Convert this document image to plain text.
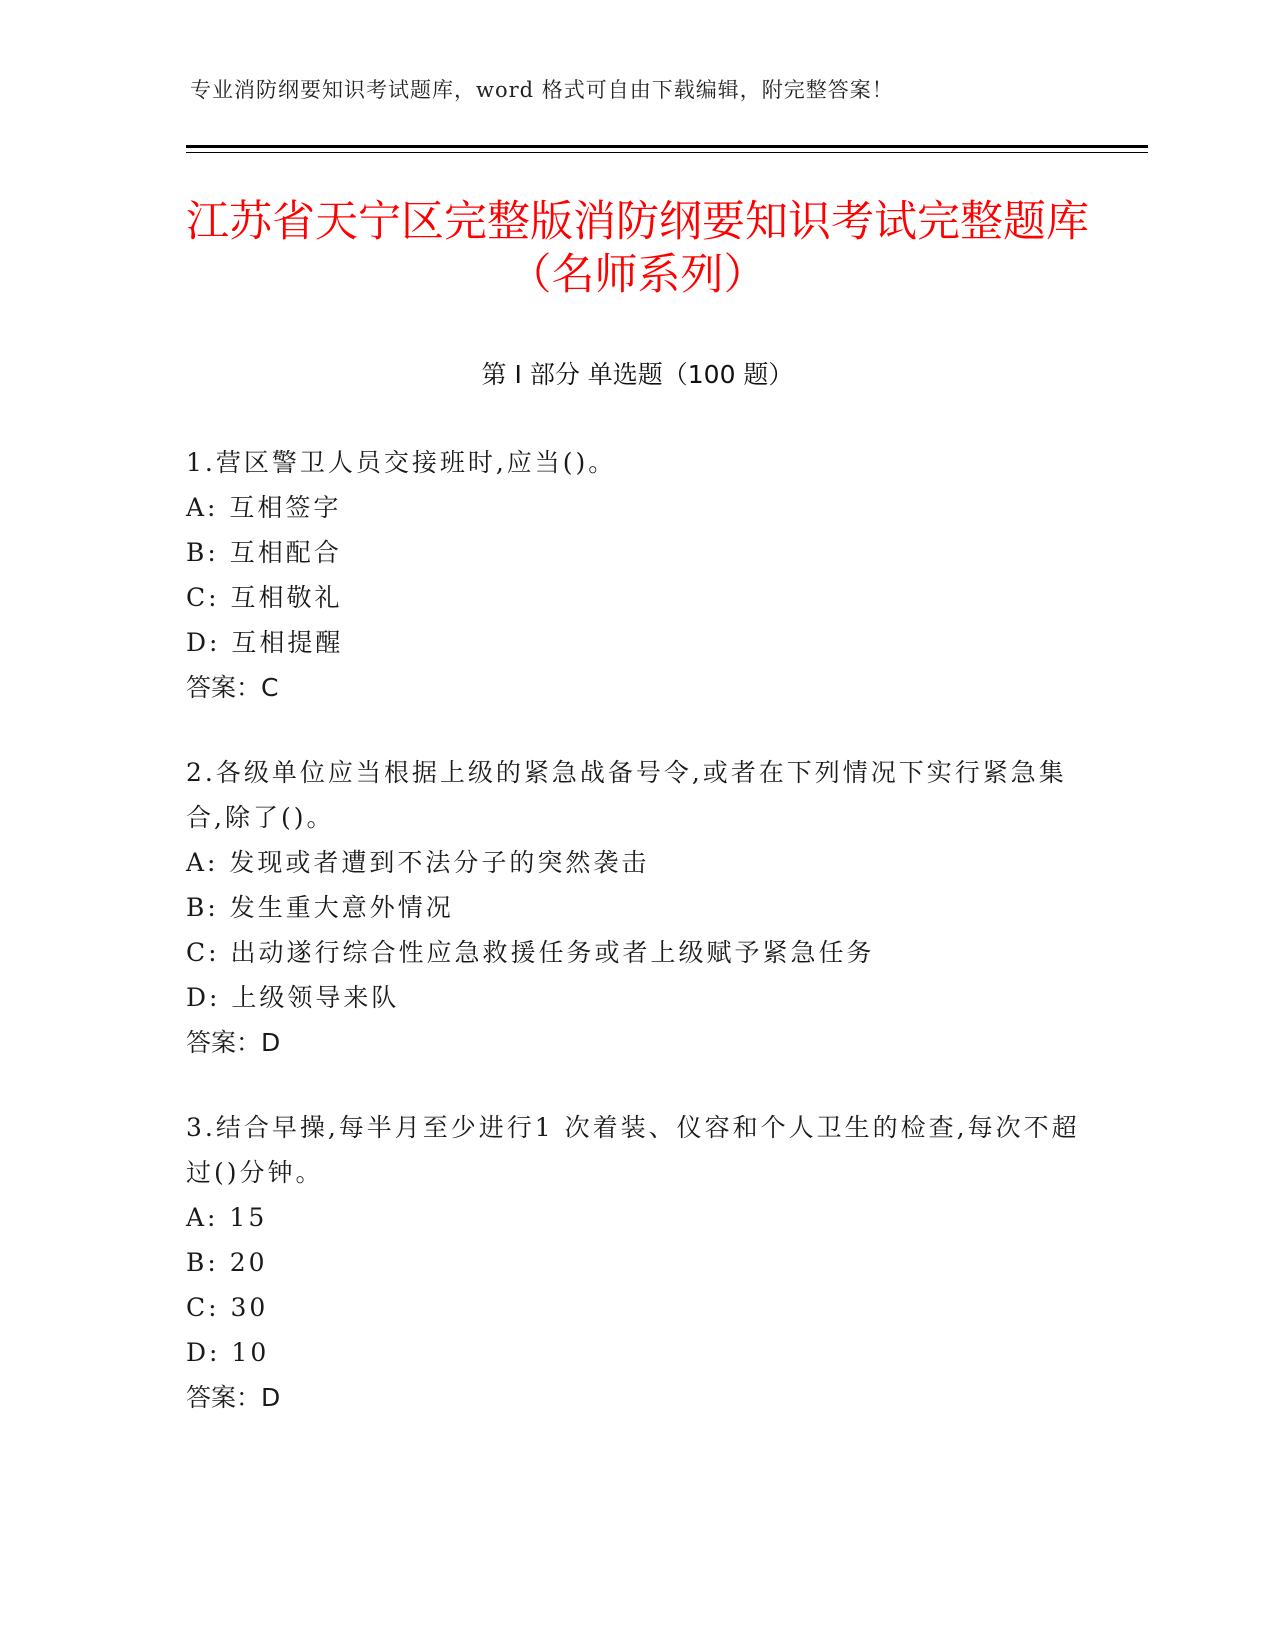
专业消防纲要知识考试题库，word 格式可自由下载编辑，附完整答案！
江苏省天宁区完整版消防纲要知识考试完整题库（名师系列）
第 I 部分 单选题（100 题）

1.营区警卫人员交接班时,应当()。

A: 互相签字

B: 互相配合

C: 互相敬礼

D: 互相提醒

答案：C

2.各级单位应当根据上级的紧急战备号令,或者在下列情况下实行紧急集合,除了()。

A: 发现或者遭到不法分子的突然袭击

B: 发生重大意外情况

C: 出动遂行综合性应急救援任务或者上级赋予紧急任务

D: 上级领导来队

答案：D

3.结合早操,每半月至少进行1 次着装、仪容和个人卫生的检查,每次不超过()分钟。

A: 15

B: 20

C: 30

D: 10

答案：D
